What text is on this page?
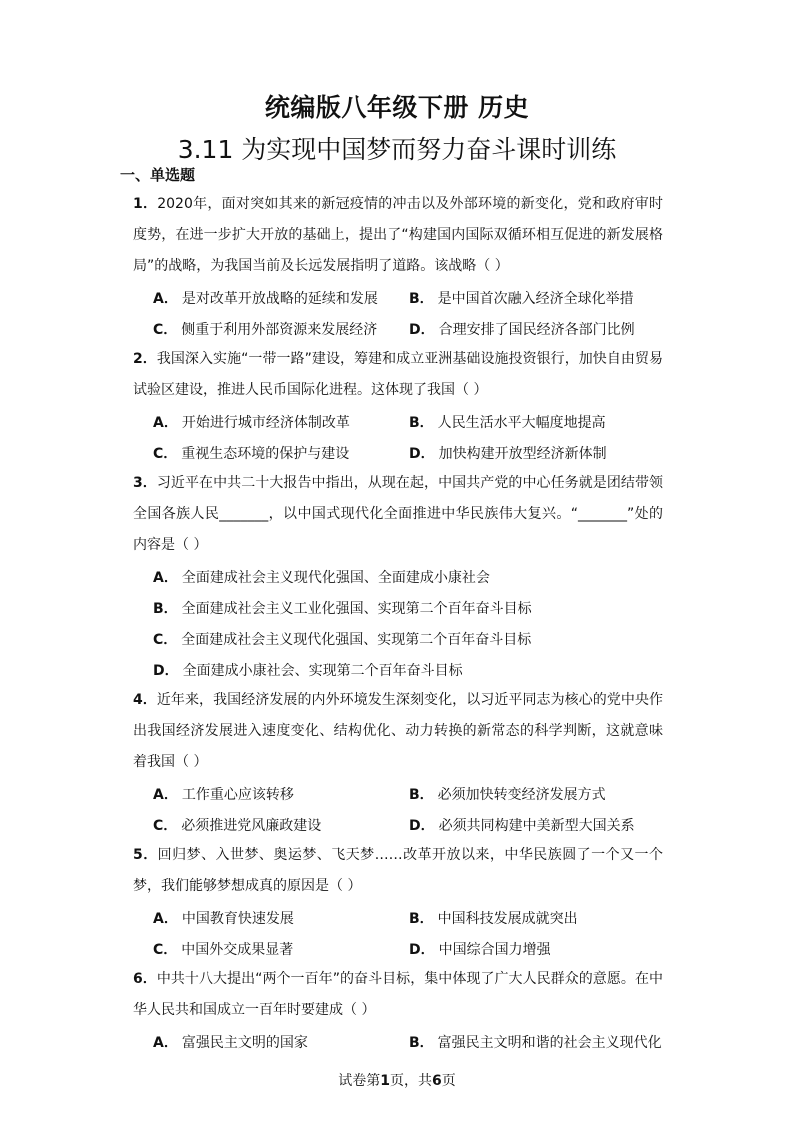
统编版八年级下册 历史
3.11 为实现中国梦而努力奋斗课时训练
一、单选题

1．2020年，面对突如其来的新冠疫情的冲击以及外部环境的新变化，党和政府审时度势，在进一步扩大开放的基础上，提出了“构建国内国际双循环相互促进的新发展格局”的战略，为我国当前及长远发展指明了道路。该战略（ ）

A． 是对改革开放战略的延续和发展 B． 是中国首次融入经济全球化举措
C． 侧重于利用外部资源来发展经济 D． 合理安排了国民经济各部门比例

2．我国深入实施“一带一路”建设，筹建和成立亚洲基础设施投资银行，加快自由贸易试验区建设，推进人民币国际化进程。这体现了我国（ ）

A． 开始进行城市经济体制改革	B． 人民生活水平大幅度地提高
C． 重视生态环境的保护与建设	D． 加快构建开放型经济新体制

3．习近平在中共二十大报告中指出，从现在起，中国共产党的中心任务就是团结带领全国各族人民_______，以中国式现代化全面推进中华民族伟大复兴。“_______”处的内容是（ ）

A． 全面建成社会主义现代化强国、全面建成小康社会
B． 全面建成社会主义工业化强国、实现第二个百年奋斗目标
C． 全面建成社会主义现代化强国、实现第二个百年奋斗目标
D． 全面建成小康社会、实现第二个百年奋斗目标

4．近年来，我国经济发展的内外环境发生深刻变化，以习近平同志为核心的党中央作出我国经济发展进入速度变化、结构优化、动力转换的新常态的科学判断，这就意味着我国（ ）

A． 工作重心应该转移	B． 必须加快转变经济发展方式
C． 必须推进党风廉政建设	D． 必须共同构建中美新型大国关系

5．回归梦、入世梦、奥运梦、飞天梦……改革开放以来，中华民族圆了一个又一个梦，我们能够梦想成真的原因是（ ）

A． 中国教育快速发展	B． 中国科技发展成就突出
C． 中国外交成果显著	D． 中国综合国力增强

6．中共十八大提出“两个一百年”的奋斗目标，集中体现了广大人民群众的意愿。在中华人民共和国成立一百年时要建成（ ）

A． 富强民主文明的国家	B． 富强民主文明和谐的社会主义现代化
试卷第1页，共6页
